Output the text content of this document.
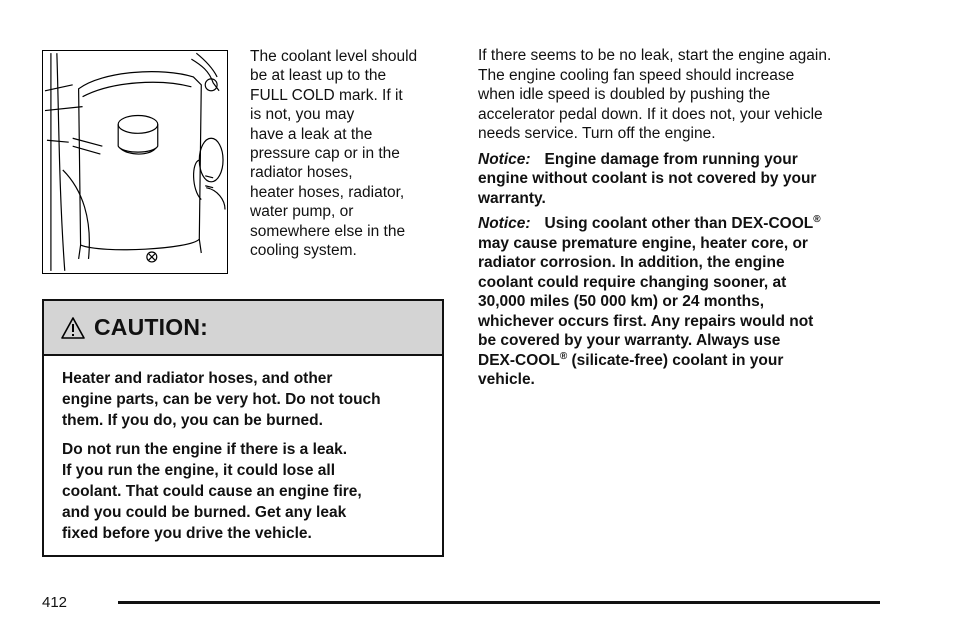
The coolant level should
be at least up to the
FULL COLD mark. If it
is not, you may
have a leak at the
pressure cap or in the
radiator hoses,
heater hoses, radiator,
water pump, or
somewhere else in the
cooling system.
CAUTION:

Heater and radiator hoses, and other
engine parts, can be very hot. Do not touch
them. If you do, you can be burned.

Do not run the engine if there is a leak.
If you run the engine, it could lose all
coolant. That could cause an engine fire,
and you could be burned. Get any leak
fixed before you drive the vehicle.

If there seems to be no leak, start the engine again.
The engine cooling fan speed should increase
when idle speed is doubled by pushing the
accelerator pedal down. If it does not, your vehicle
needs service. Turn off the engine.

Notice: Engine damage from running your
engine without coolant is not covered by your
warranty.

Notice: Using coolant other than DEX-COOL®
may cause premature engine, heater core, or
radiator corrosion. In addition, the engine
coolant could require changing sooner, at
30,000 miles (50 000 km) or 24 months,
whichever occurs first. Any repairs would not
be covered by your warranty. Always use
DEX-COOL® (silicate-free) coolant in your
vehicle.

412
